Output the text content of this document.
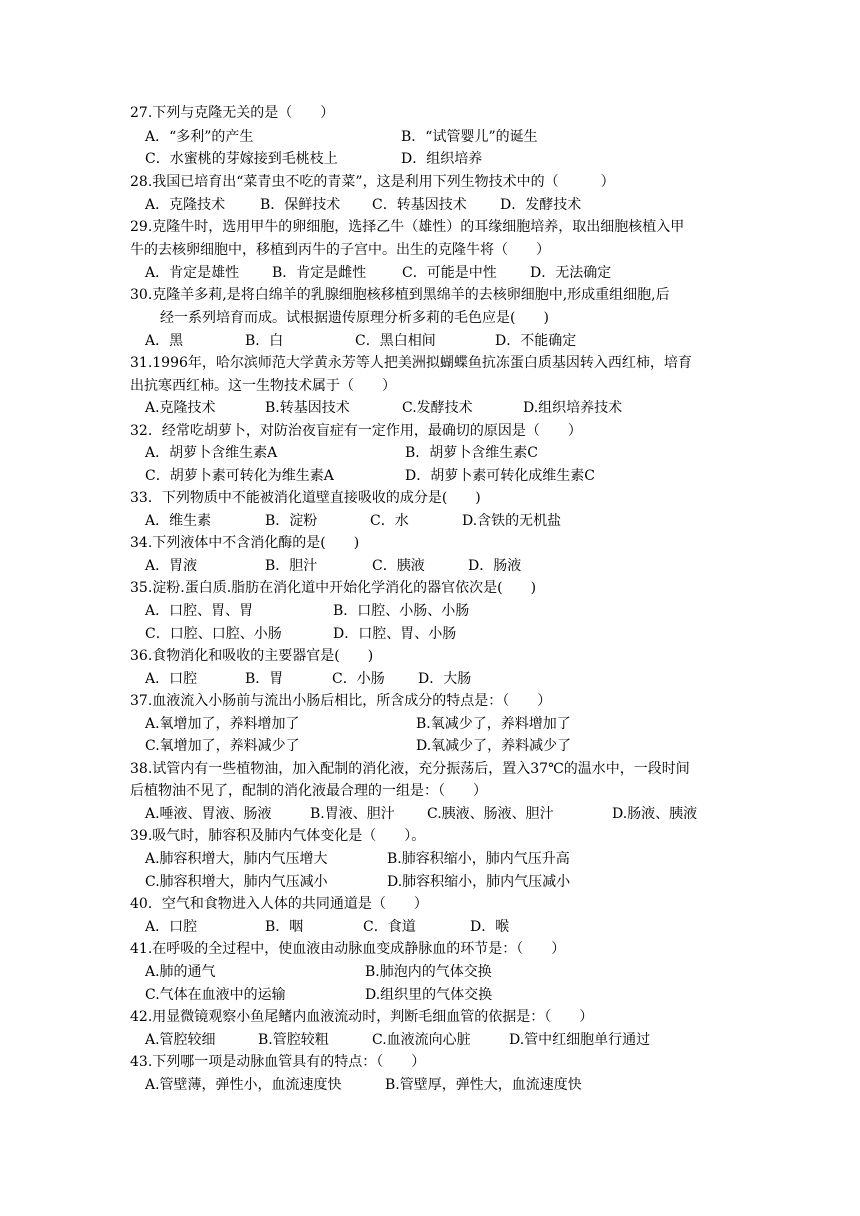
27.下列与克隆无关的是（　　）
A．“多利”的产生	B．“试管婴儿”的诞生
C．水蜜桃的芽嫁接到毛桃枝上	D．组织培养
28.我国已培育出“菜青虫不吃的青菜”，这是利用下列生物技术中的（　　　）
A．克隆技术 B．保鲜技术 C．转基因技术 D．发酵技术
29.克隆牛时，选用甲牛的卵细胞，选择乙牛（雄性）的耳缘细胞培养，取出细胞核植入甲
牛的去核卵细胞中，移植到丙牛的子宫中。出生的克隆牛将（　　）
A．肯定是雄性 B．肯定是雌性	C．可能是中性 D．无法确定
30.克隆羊多莉,是将白绵羊的乳腺细胞核移植到黑绵羊的去核卵细胞中,形成重组细胞,后
经一系列培育而成。试根据遗传原理分析多莉的毛色应是(　　)
A．黑	B．白	C．黑白相间	D．不能确定
31.1996年，哈尔滨师范大学黄永芳等人把美洲拟蝴蝶鱼抗冻蛋白质基因转入西红柿，培育
出抗寒西红柿。这一生物技术属于（　　）
A.克隆技术	B.转基因技术	C.发酵技术	D.组织培养技术
32．经常吃胡萝卜，对防治夜盲症有一定作用，最确切的原因是（　　）
A．胡萝卜含维生素A	B．胡萝卜含维生素C
C．胡萝卜素可转化为维生素A	D．胡萝卜素可转化成维生素C
33．下列物质中不能被消化道壁直接吸收的成分是(　　)
A．维生素	B．淀粉	C．水	D.含铁的无机盐
34.下列液体中不含消化酶的是(　　)
A．胃液	B．胆汁	C．胰液	D．肠液
35.淀粉.蛋白质.脂肪在消化道中开始化学消化的器官依次是(　　)
A．口腔、胃、胃	B．口腔、小肠、小肠
C．口腔、口腔、小肠	D．口腔、胃、小肠
36.食物消化和吸收的主要器官是(　　)
A．口腔	B．胃	C．小肠 D．大肠
37.血液流入小肠前与流出小肠后相比，所含成分的特点是：（　　）
A.氧增加了，养料增加了	B.氧减少了，养料增加了
C.氧增加了，养料减少了	D.氧减少了，养料减少了
38.试管内有一些植物油，加入配制的消化液，充分振荡后，置入37℃的温水中，一段时间
后植物油不见了，配制的消化液最合理的一组是：（　　）
A.唾液、胃液、肠液	B.胃液、胆汁 C.胰液、肠液、胆汁	D.肠液、胰液
39.吸气时，肺容积及肺内气体变化是（　　）。
A.肺容积增大，肺内气压增大	B.肺容积缩小，肺内气压升高
C.肺容积增大，肺内气压减小	D.肺容积缩小，肺内气压减小
40．空气和食物进入人体的共同通道是（　　）
A．口腔	B．咽	C．食道	D．喉
41.在呼吸的全过程中，使血液由动脉血变成静脉血的环节是：（　　）
A.肺的通气	B.肺泡内的气体交换
C.气体在血液中的运输	D.组织里的气体交换
42.用显微镜观察小鱼尾鳍内血液流动时，判断毛细血管的依据是：（　　）
A.管腔较细	B.管腔较粗	C.血液流向心脏	D.管中红细胞单行通过
43.下列哪一项是动脉血管具有的特点：（　　）
A.管壁薄，弹性小，血流速度快	B.管壁厚，弹性大，血流速度快
